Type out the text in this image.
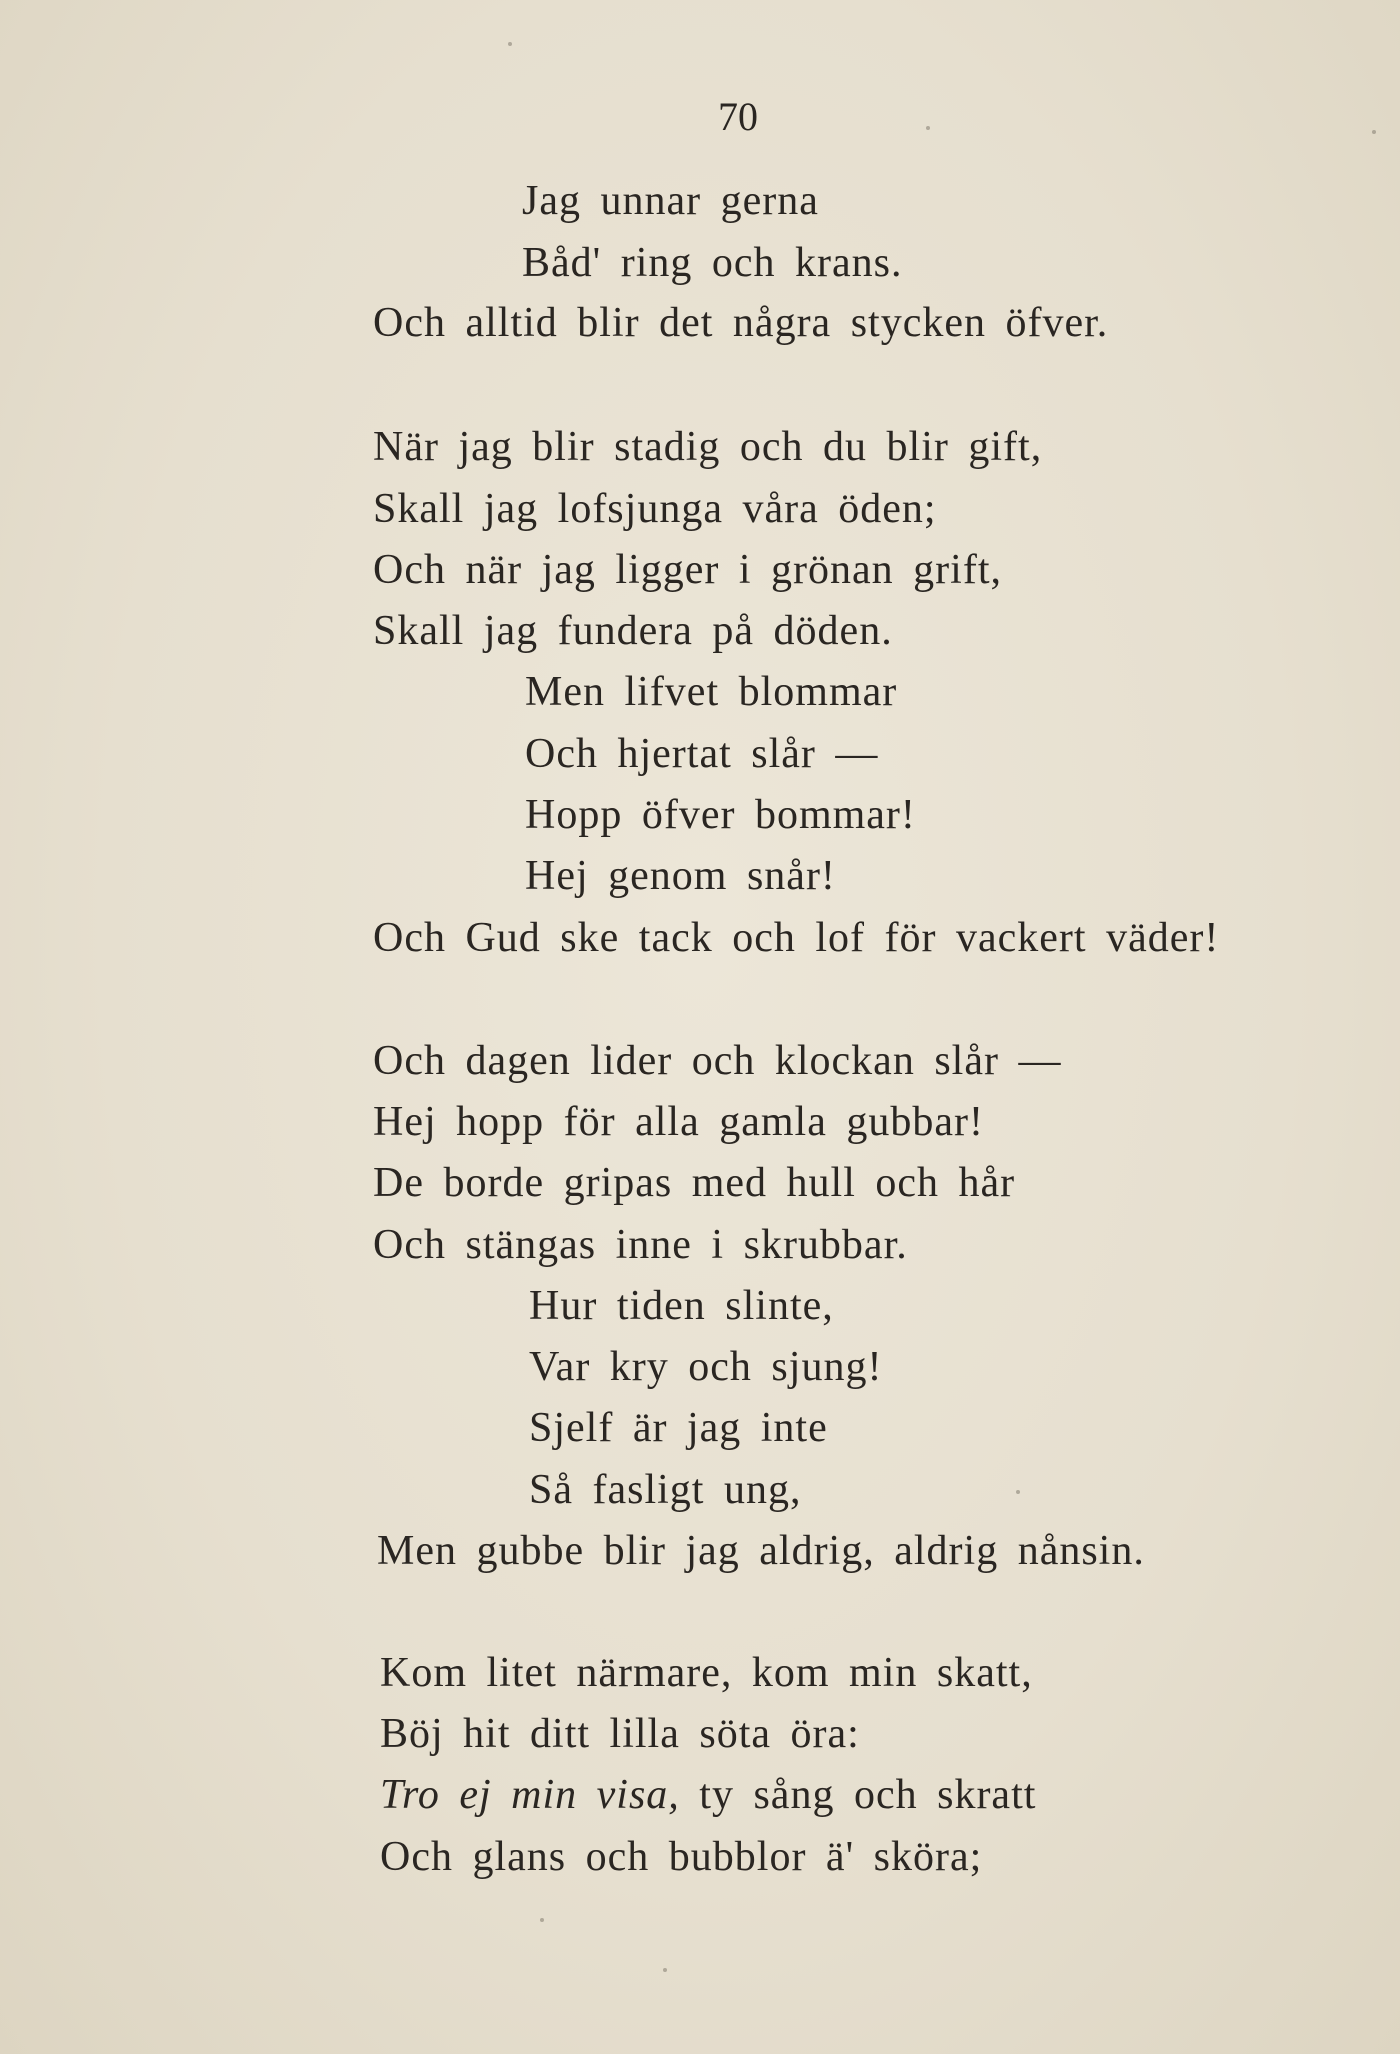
70
Jag unnar gerna
Båd' ring och krans.
Och alltid blir det några stycken öfver.
När jag blir stadig och du blir gift,
Skall jag lofsjunga våra öden;
Och när jag ligger i grönan grift,
Skall jag fundera på döden.
Men lifvet blommar
Och hjertat slår —
Hopp öfver bommar!
Hej genom snår!
Och Gud ske tack och lof för vackert väder!
Och dagen lider och klockan slår —
Hej hopp för alla gamla gubbar!
De borde gripas med hull och hår
Och stängas inne i skrubbar.
Hur tiden slinte,
Var kry och sjung!
Sjelf är jag inte
Så fasligt ung,
Men gubbe blir jag aldrig, aldrig nånsin.
Kom litet närmare, kom min skatt,
Böj hit ditt lilla söta öra:
Tro ej min visa, ty sång och skratt
Och glans och bubblor ä' sköra;
